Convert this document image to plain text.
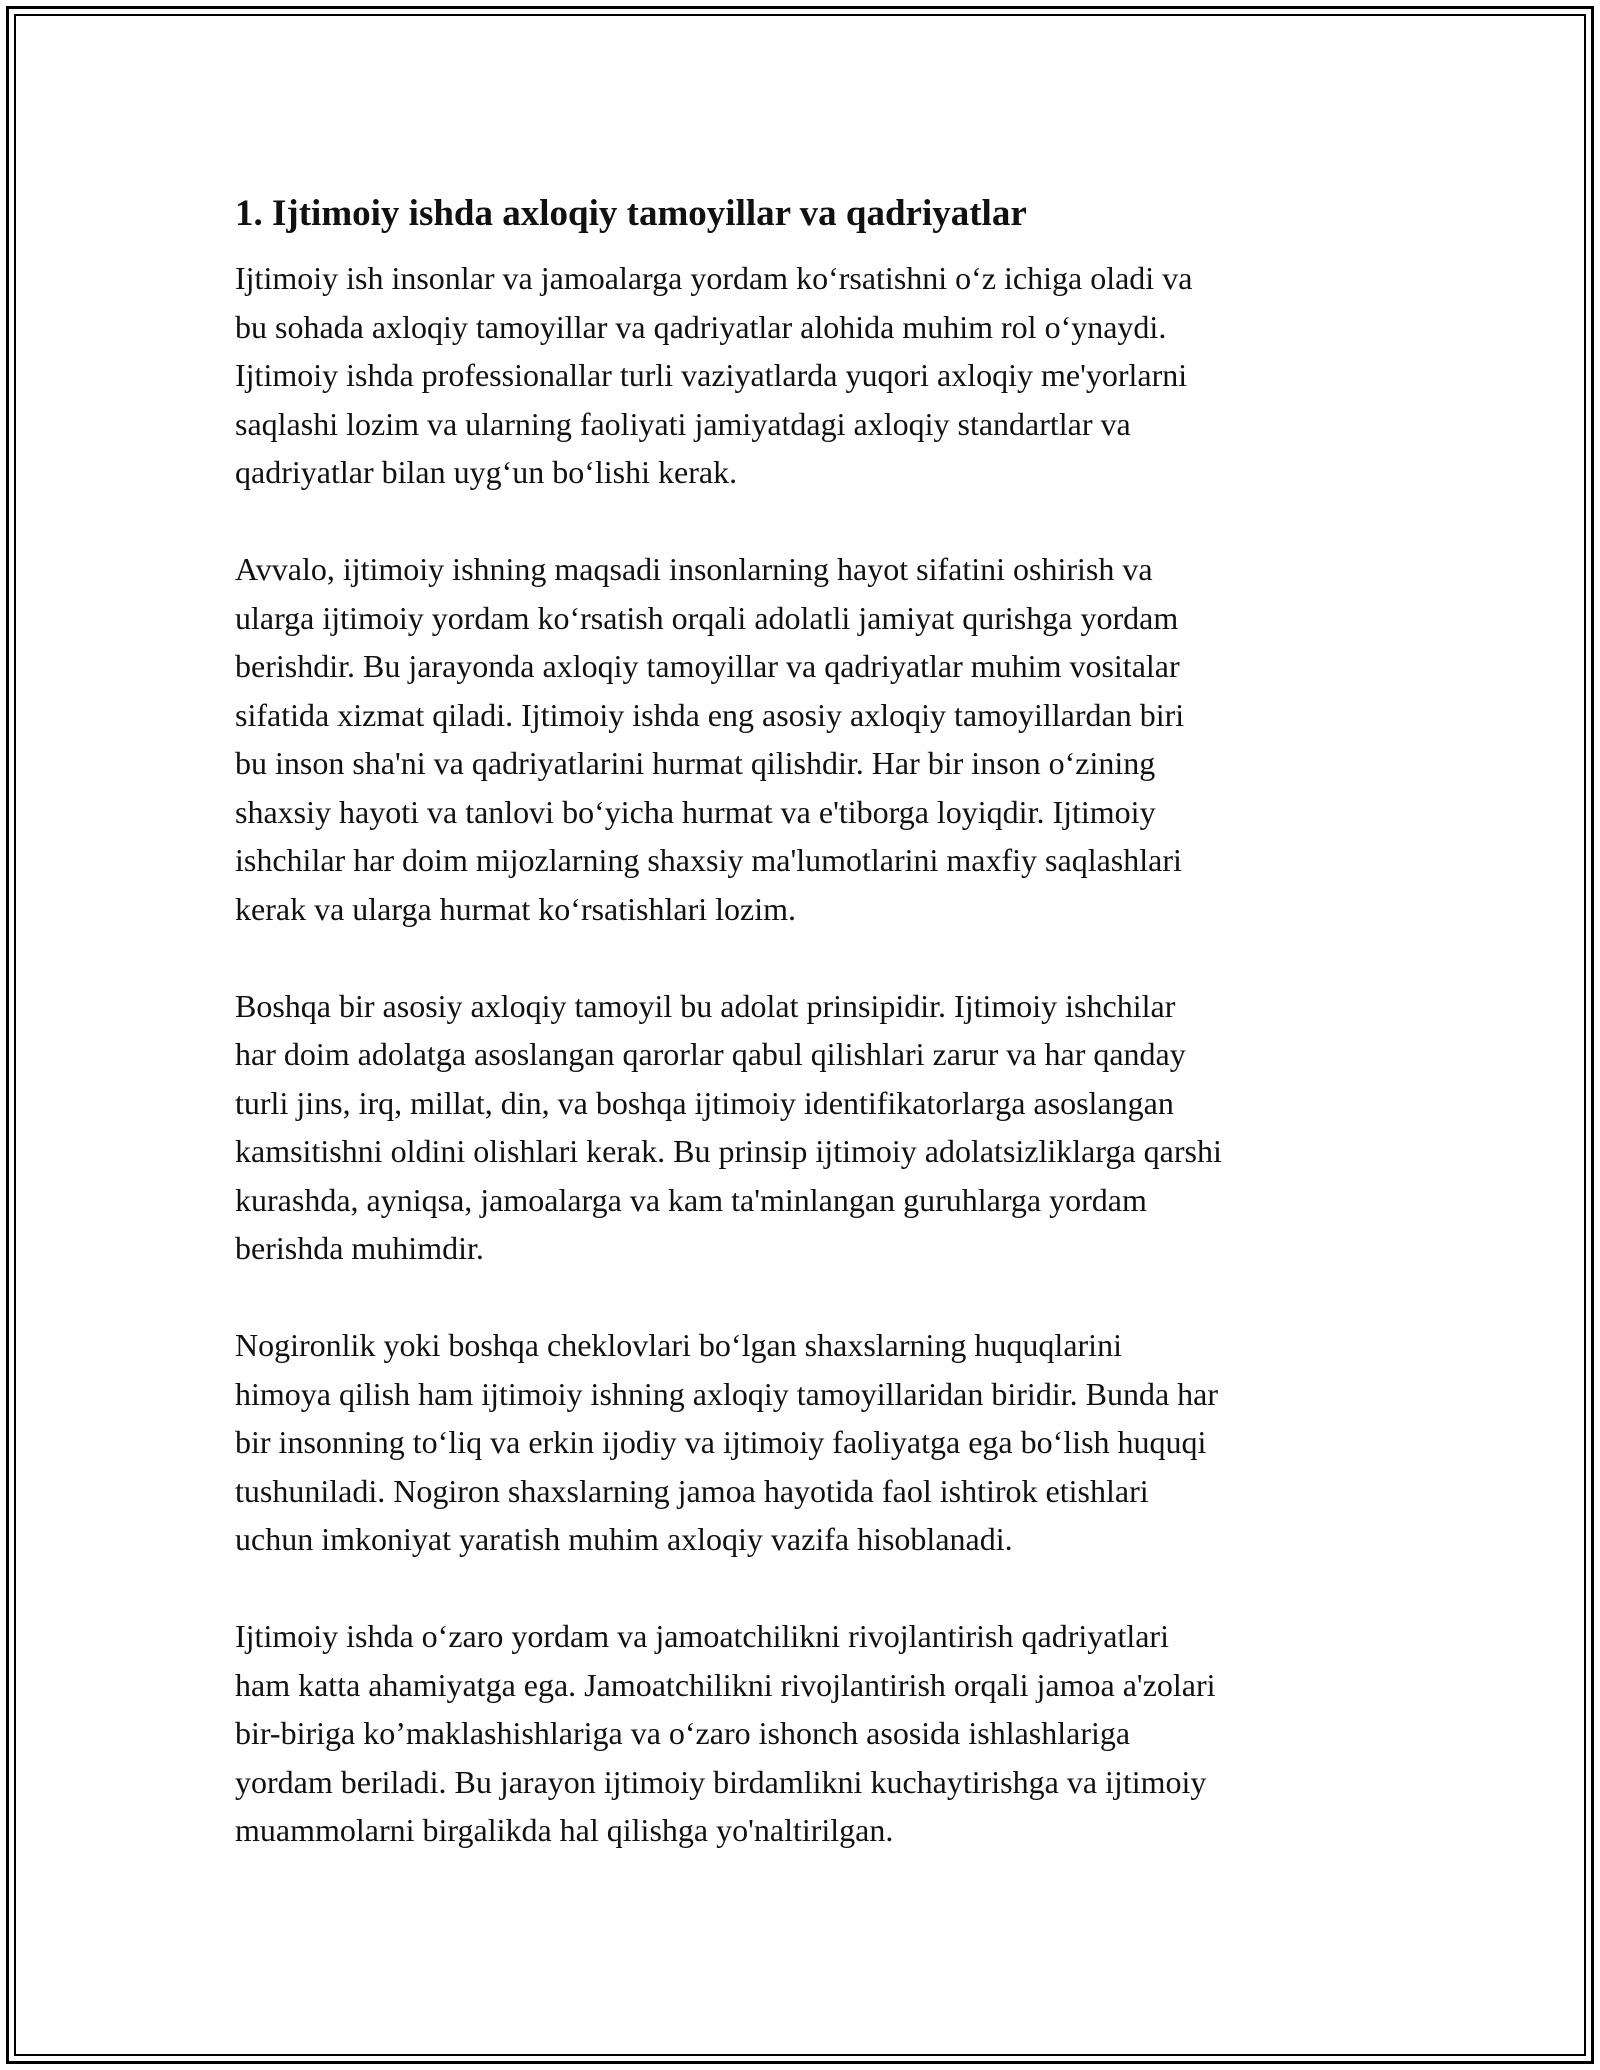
1. Ijtimoiy ishda axloqiy tamoyillar va qadriyatlar

Ijtimoiy ish insonlar va jamoalarga yordam ko‘rsatishni o‘z ichiga oladi va
bu sohada axloqiy tamoyillar va qadriyatlar alohida muhim rol o‘ynaydi.
Ijtimoiy ishda professionallar turli vaziyatlarda yuqori axloqiy me'yorlarni
saqlashi lozim va ularning faoliyati jamiyatdagi axloqiy standartlar va
qadriyatlar bilan uyg‘un bo‘lishi kerak.

Avvalo, ijtimoiy ishning maqsadi insonlarning hayot sifatini oshirish va
ularga ijtimoiy yordam ko‘rsatish orqali adolatli jamiyat qurishga yordam
berishdir. Bu jarayonda axloqiy tamoyillar va qadriyatlar muhim vositalar
sifatida xizmat qiladi. Ijtimoiy ishda eng asosiy axloqiy tamoyillardan biri
bu inson sha'ni va qadriyatlarini hurmat qilishdir. Har bir inson o‘zining
shaxsiy hayoti va tanlovi bo‘yicha hurmat va e'tiborga loyiqdir. Ijtimoiy
ishchilar har doim mijozlarning shaxsiy ma'lumotlarini maxfiy saqlashlari
kerak va ularga hurmat ko‘rsatishlari lozim.

Boshqa bir asosiy axloqiy tamoyil bu adolat prinsipidir. Ijtimoiy ishchilar
har doim adolatga asoslangan qarorlar qabul qilishlari zarur va har qanday
turli jins, irq, millat, din, va boshqa ijtimoiy identifikatorlarga asoslangan
kamsitishni oldini olishlari kerak. Bu prinsip ijtimoiy adolatsizliklarga qarshi
kurashda, ayniqsa, jamoalarga va kam ta'minlangan guruhlarga yordam
berishda muhimdir.

Nogironlik yoki boshqa cheklovlari bo‘lgan shaxslarning huquqlarini
himoya qilish ham ijtimoiy ishning axloqiy tamoyillaridan biridir. Bunda har
bir insonning to‘liq va erkin ijodiy va ijtimoiy faoliyatga ega bo‘lish huquqi
tushuniladi. Nogiron shaxslarning jamoa hayotida faol ishtirok etishlari
uchun imkoniyat yaratish muhim axloqiy vazifa hisoblanadi.

Ijtimoiy ishda o‘zaro yordam va jamoatchilikni rivojlantirish qadriyatlari
ham katta ahamiyatga ega. Jamoatchilikni rivojlantirish orqali jamoa a'zolari
bir-biriga ko’maklashishlariga va o‘zaro ishonch asosida ishlashlariga
yordam beriladi. Bu jarayon ijtimoiy birdamlikni kuchaytirishga va ijtimoiy
muammolarni birgalikda hal qilishga yo'naltirilgan.
